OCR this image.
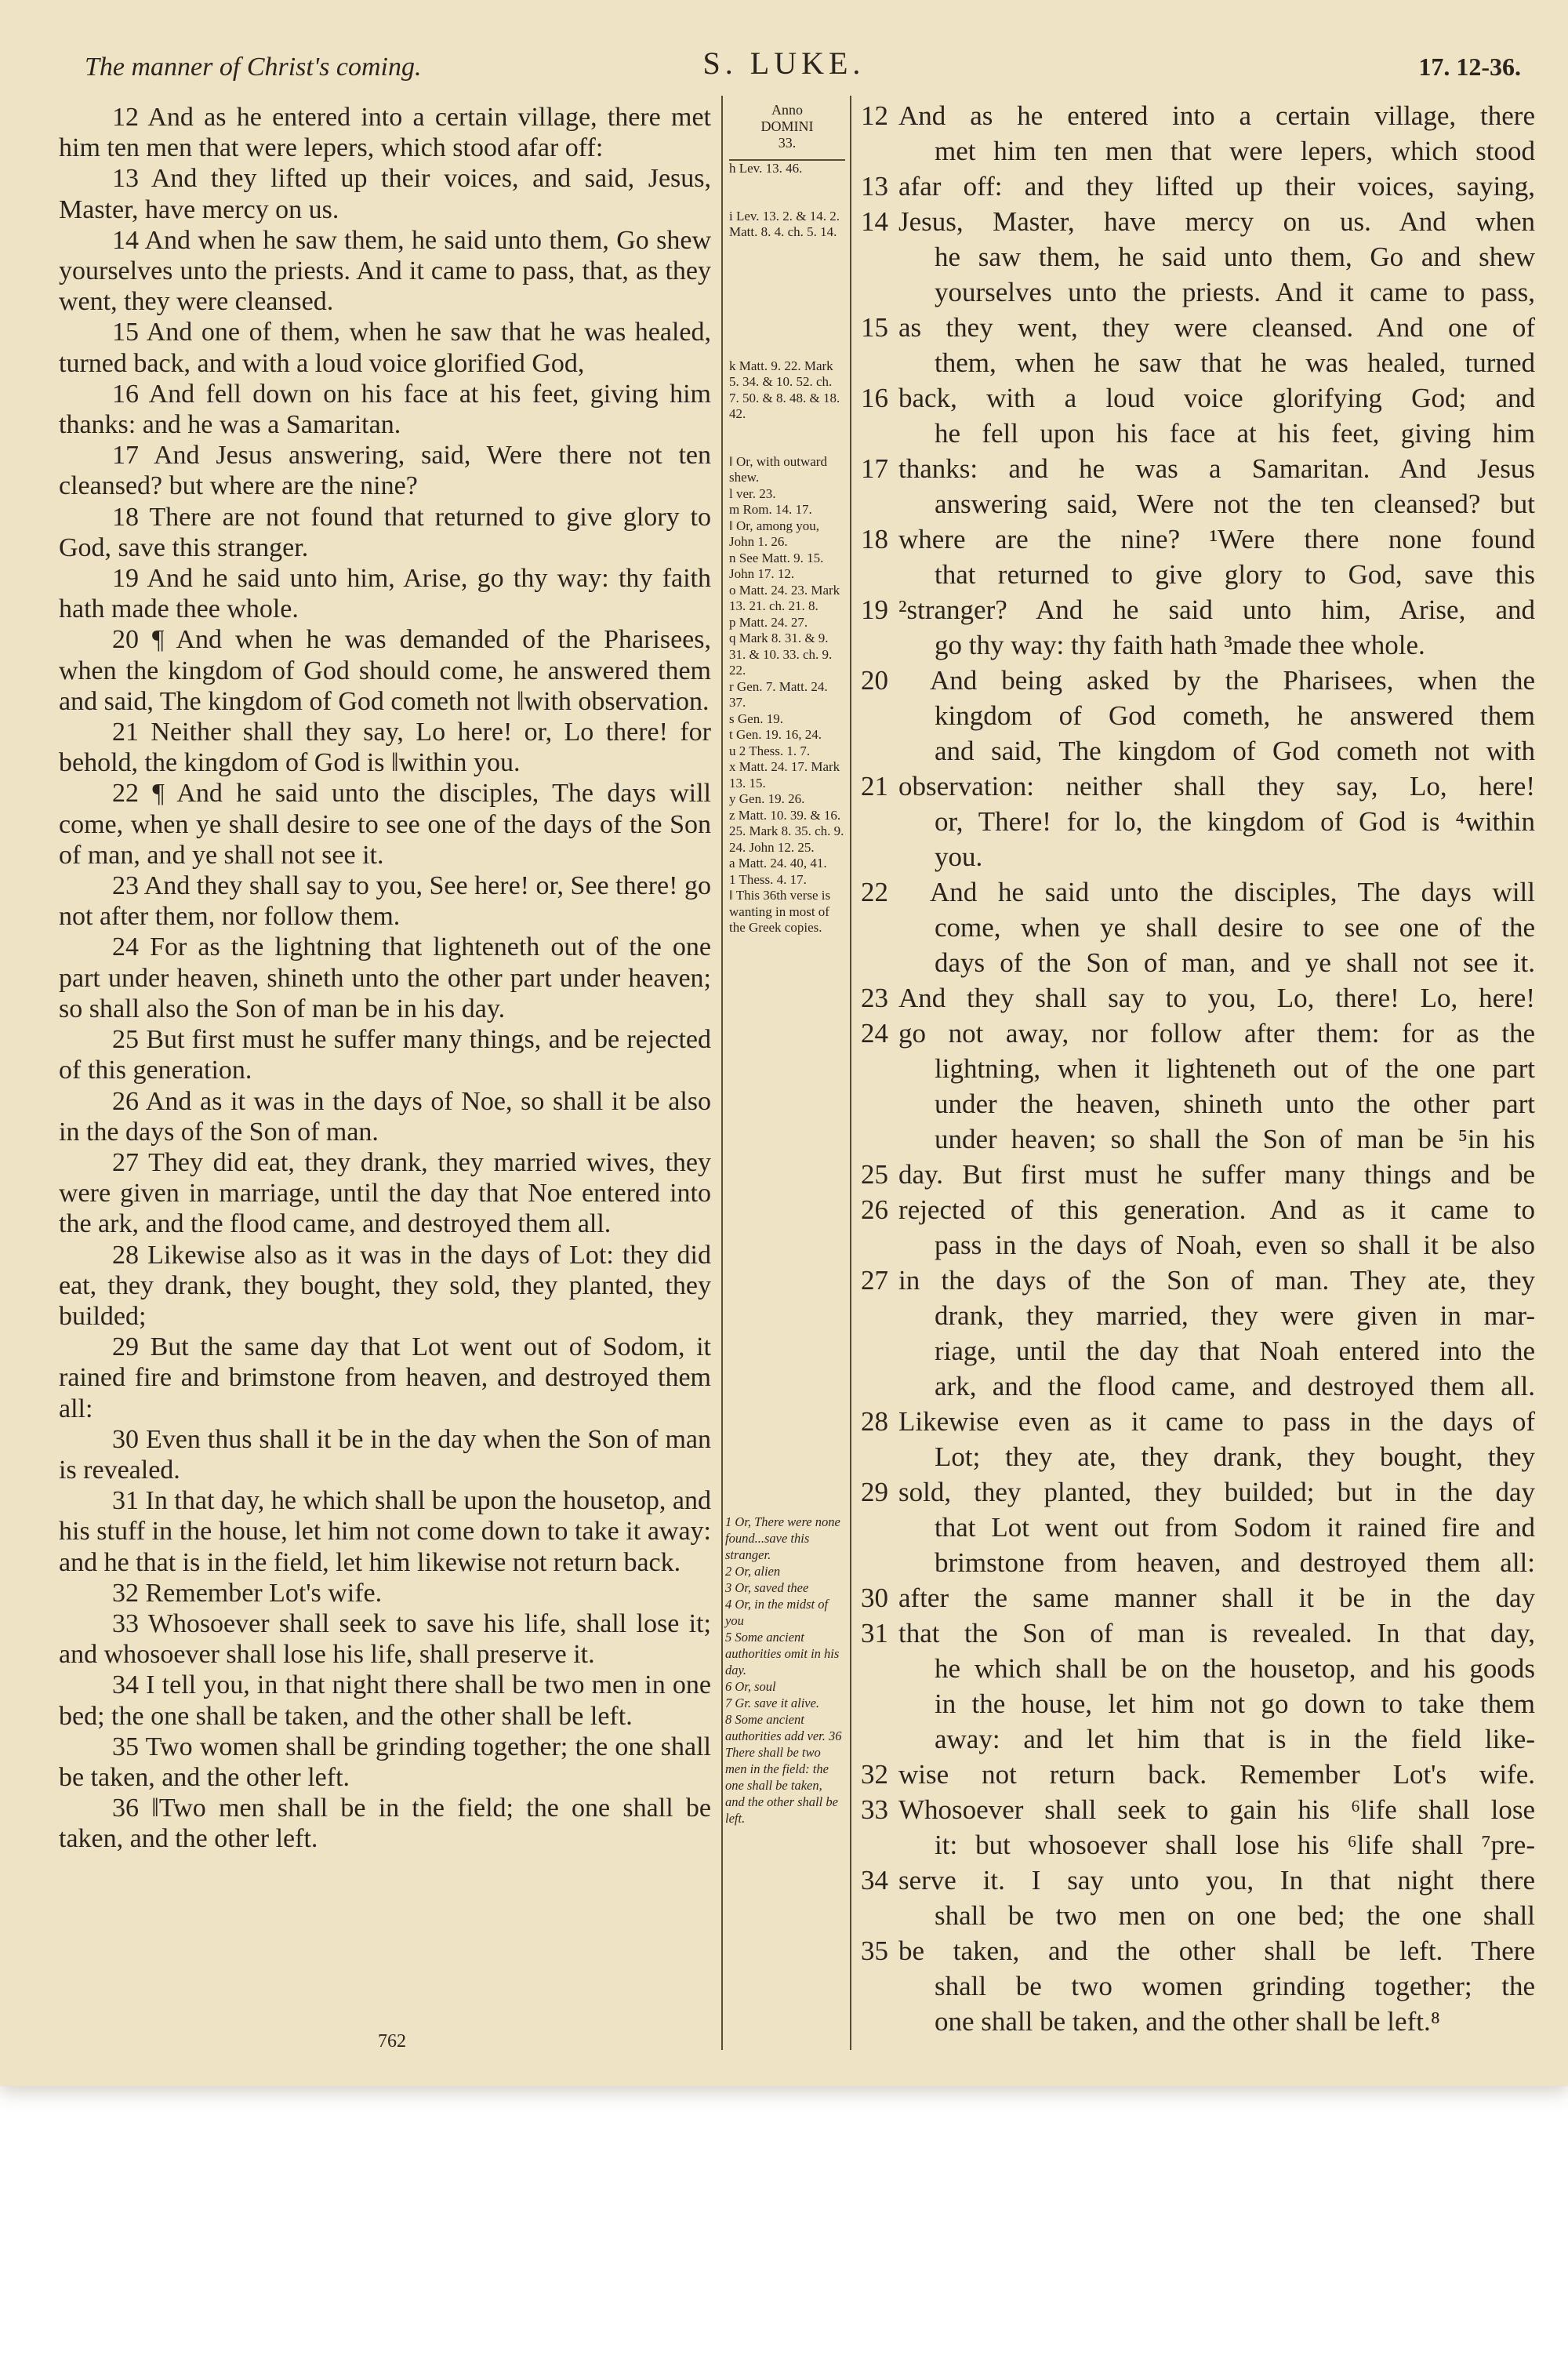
The manner of Christ's coming.	S. LUKE.	17. 12-36.

12 And as he entered into a certain village, there met him ten men that were lepers, which stood afar off:

13 And they lifted up their voices, and said, Jesus, Master, have mercy on us.

14 And when he saw them, he said unto them, Go shew yourselves unto the priests. And it came to pass, that, as they went, they were cleansed.

15 And one of them, when he saw that he was healed, turned back, and with a loud voice glorified God,

16 And fell down on his face at his feet, giving him thanks: and he was a Samaritan.

17 And Jesus answering, said, Were there not ten cleansed? but where are the nine?

18 There are not found that returned to give glory to God, save this stranger.

19 And he said unto him, Arise, go thy way: thy faith hath made thee whole.

20 ¶ And when he was demanded of the Pharisees, when the kingdom of God should come, he answered them and said, The kingdom of God cometh not ‖with observation.

21 Neither shall they say, Lo here! or, Lo there! for behold, the kingdom of God is ‖within you.

22 ¶ And he said unto the disciples, The days will come, when ye shall desire to see one of the days of the Son of man, and ye shall not see it.

23 And they shall say to you, See here! or, See there! go not after them, nor follow them.

24 For as the lightning that lighteneth out of the one part under heaven, shineth unto the other part under heaven; so shall also the Son of man be in his day.

25 But first must he suffer many things, and be rejected of this generation.

26 And as it was in the days of Noe, so shall it be also in the days of the Son of man.

27 They did eat, they drank, they married wives, they were given in marriage, until the day that Noe entered into the ark, and the flood came, and destroyed them all.

28 Likewise also as it was in the days of Lot: they did eat, they drank, they bought, they sold, they planted, they builded;

29 But the same day that Lot went out of Sodom, it rained fire and brimstone from heaven, and destroyed them all:

30 Even thus shall it be in the day when the Son of man is revealed.

31 In that day, he which shall be upon the housetop, and his stuff in the house, let him not come down to take it away: and he that is in the field, let him likewise not return back.

32 Remember Lot's wife.

33 Whosoever shall seek to save his life, shall lose it; and whosoever shall lose his life, shall preserve it.

34 I tell you, in that night there shall be two men in one bed; the one shall be taken, and the other shall be left.

35 Two women shall be grinding together; the one shall be taken, and the other left.

36 ‖Two men shall be in the field; the one shall be taken, and the other left.

Anno
DOMINI
33.

h Lev. 13. 46.

i Lev. 13. 2. & 14. 2. Matt. 8. 4. ch. 5. 14.

k Matt. 9. 22. Mark 5. 34. & 10. 52. ch. 7. 50. & 8. 48. & 18. 42.

‖ Or, with outward shew.

l ver. 23.

m Rom. 14. 17.

‖ Or, among you,

John 1. 26.

n See Matt. 9. 15. John 17. 12.

o Matt. 24. 23. Mark 13. 21. ch. 21. 8.

p Matt. 24. 27.

q Mark 8. 31. & 9. 31. & 10. 33. ch. 9. 22.

r Gen. 7. Matt. 24. 37.

s Gen. 19.

t Gen. 19. 16, 24.

u 2 Thess. 1. 7.

x Matt. 24. 17. Mark 13. 15.

y Gen. 19. 26.

z Matt. 10. 39. & 16. 25. Mark 8. 35. ch. 9. 24. John 12. 25.

a Matt. 24. 40, 41.

1 Thess. 4. 17.

‖ This 36th verse is wanting in most of the Greek copies.

1 Or, There were none found...save this stranger.

2 Or, alien

3 Or, saved thee

4 Or, in the midst of you

5 Some ancient authorities omit in his day.

6 Or, soul

7 Gr. save it alive.

8 Some ancient authorities add ver. 36 There shall be two men in the field: the one shall be taken, and the other shall be left.

12 And as he entered into a certain village, there
met him ten men that were lepers, which stood
13 afar off: and they lifted up their voices, saying,
14 Jesus, Master, have mercy on us. And when
he saw them, he said unto them, Go and shew
yourselves unto the priests. And it came to pass,
15 as they went, they were cleansed. And one of
them, when he saw that he was healed, turned
16 back, with a loud voice glorifying God; and
he fell upon his face at his feet, giving him
17 thanks: and he was a Samaritan. And Jesus
answering said, Were not the ten cleansed? but
18 where are the nine? ¹Were there none found
that returned to give glory to God, save this
19 ²stranger? And he said unto him, Arise, and
go thy way: thy faith hath ³made thee whole.
20	And being asked by the Pharisees, when the
kingdom of God cometh, he answered them
and said, The kingdom of God cometh not with
21 observation: neither shall they say, Lo, here!
or, There! for lo, the kingdom of God is ⁴within
you.
22	And he said unto the disciples, The days will
come, when ye shall desire to see one of the
days of the Son of man, and ye shall not see it.
23 And they shall say to you, Lo, there! Lo, here!
24 go not away, nor follow after them: for as the
lightning, when it lighteneth out of the one part
under the heaven, shineth unto the other part
under heaven; so shall the Son of man be ⁵in his
25 day. But first must he suffer many things and be
26 rejected of this generation. And as it came to
pass in the days of Noah, even so shall it be also
27 in the days of the Son of man. They ate, they
drank, they married, they were given in mar-
riage, until the day that Noah entered into the
ark, and the flood came, and destroyed them all.
28 Likewise even as it came to pass in the days of
Lot; they ate, they drank, they bought, they
29 sold, they planted, they builded; but in the day
that Lot went out from Sodom it rained fire and
brimstone from heaven, and destroyed them all:
30 after the same manner shall it be in the day
31 that the Son of man is revealed. In that day,
he which shall be on the housetop, and his goods
in the house, let him not go down to take them
away: and let him that is in the field like-
32 wise not return back. Remember Lot's wife.
33 Whosoever shall seek to gain his ⁶life shall lose
it: but whosoever shall lose his ⁶life shall ⁷pre-
34 serve it. I say unto you, In that night there
shall be two men on one bed; the one shall
35 be taken, and the other shall be left. There
shall be two women grinding together; the
one shall be taken, and the other shall be left.⁸
762
